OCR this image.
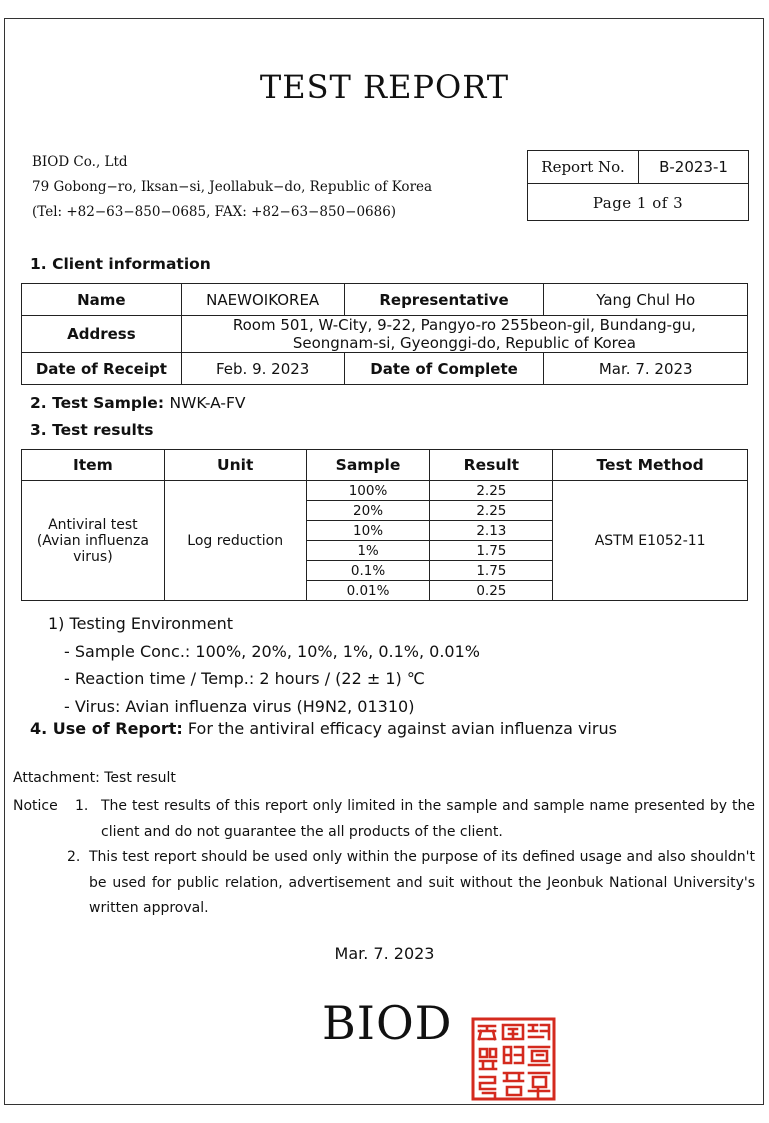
TEST REPORT
BIOD Co., Ltd
79 Gobong−ro, Iksan−si, Jeollabuk−do, Republic of Korea
(Tel: +82−63−850−0685, FAX: +82−63−850−0686)
Report No.	B-2023-1
Page 1 of 3
1. Client information
Name	NAEWOIKOREA	Representative	Yang Chul Ho
Address	Room 501, W-City, 9-22, Pangyo-ro 255beon-gil, Bundang-gu,
Seongnam-si, Gyeonggi-do, Republic of Korea		

Date of Receipt	Feb. 9. 2023	Date of Complete	Mar. 7. 2023
2. Test Sample: NWK-A-FV
3. Test results
Item	Unit	Sample	Result	Test Method

Antiviral test
(Avian influenza
virus)	Log reduction	100%	2.25	ASTM E1052-11
		20%	2.25	
		10%	2.13	
		1%	1.75	
		0.1%	1.75	
		0.01%	0.25	
1) Testing Environment
- Sample Conc.: 100%, 20%, 10%, 1%, 0.1%, 0.01%
- Reaction time / Temp.: 2 hours / (22 ± 1) ℃
- Virus: Avian influenza virus (H9N2, 01310)
4. Use of Report: For the antiviral efficacy against avian influenza virus
Attachment: Test result
Notice	1. The test results of this report only limited in the sample and sample name presented by the client and do not guarantee the all products of the client.
2. This test report should be used only within the purpose of its defined usage and also shouldn't be used for public relation, advertisement and suit without the Jeonbuk National University's written approval.
Mar. 7. 2023
BIOD
